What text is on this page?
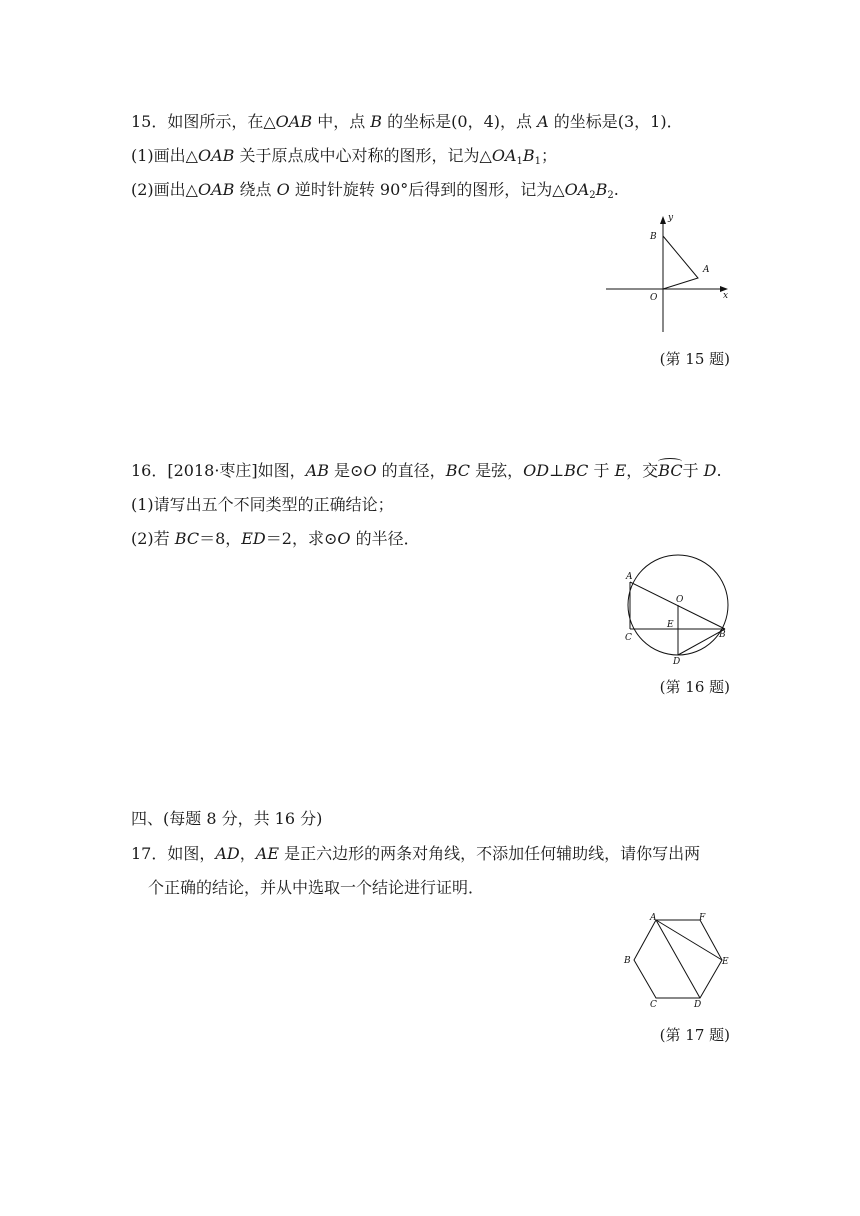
15．如图所示，在△OAB 中，点 B 的坐标是(0，4)，点 A 的坐标是(3，1)．
(1)画出△OAB 关于原点成中心对称的图形，记为$\triangle OA_1B_1$；
(2)画出△OAB 绕点 O 逆时针旋转 90°后得到的图形，记为$\triangle OA_2B_2$.
B
A
O	x
y
(第 15 题)
16．[2018·枣庄]如图，AB 是⊙O 的直径，BC 是弦，OD⊥BC 于 E，交BC于 D.
(1)请写出五个不同类型的正确结论；
(2)若 BC＝8，ED＝2，求⊙O 的半径．
A
O
C
E
B
D
(第 16 题)
四、(每题 8 分，共 16 分)
17．如图，AD，AE 是正六边形的两条对角线，不添加任何辅助线，请你写出两
个正确的结论，并从中选取一个结论进行证明．
A	F
B	E
C	D
(第 17 题)
